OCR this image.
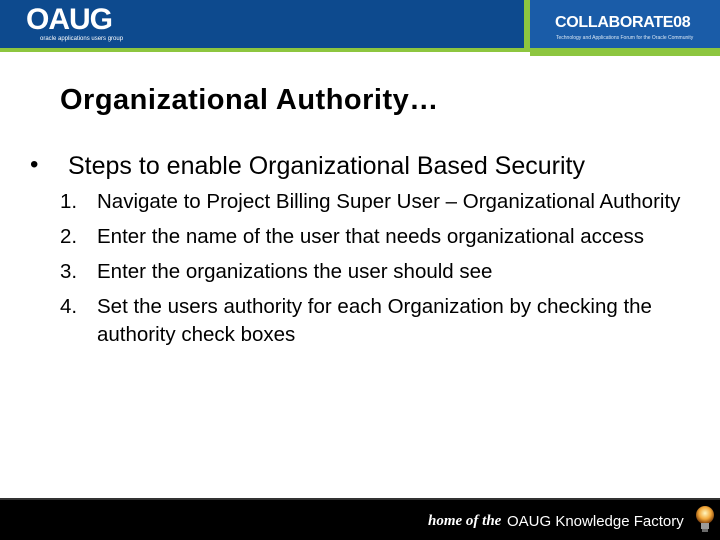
OAUG
oracle applications users group
COLLABORATE08
Technology and Applications Forum for the Oracle Community
Organizational Authority…
• Steps to enable Organizational Based Security
1. Navigate to Project Billing Super User – Organizational Authority
2. Enter the name of the user that needs organizational access
3. Enter the organizations the user should see
4. Set the users authority for each Organization by checking the authority check boxes
home of the OAUG Knowledge Factory
